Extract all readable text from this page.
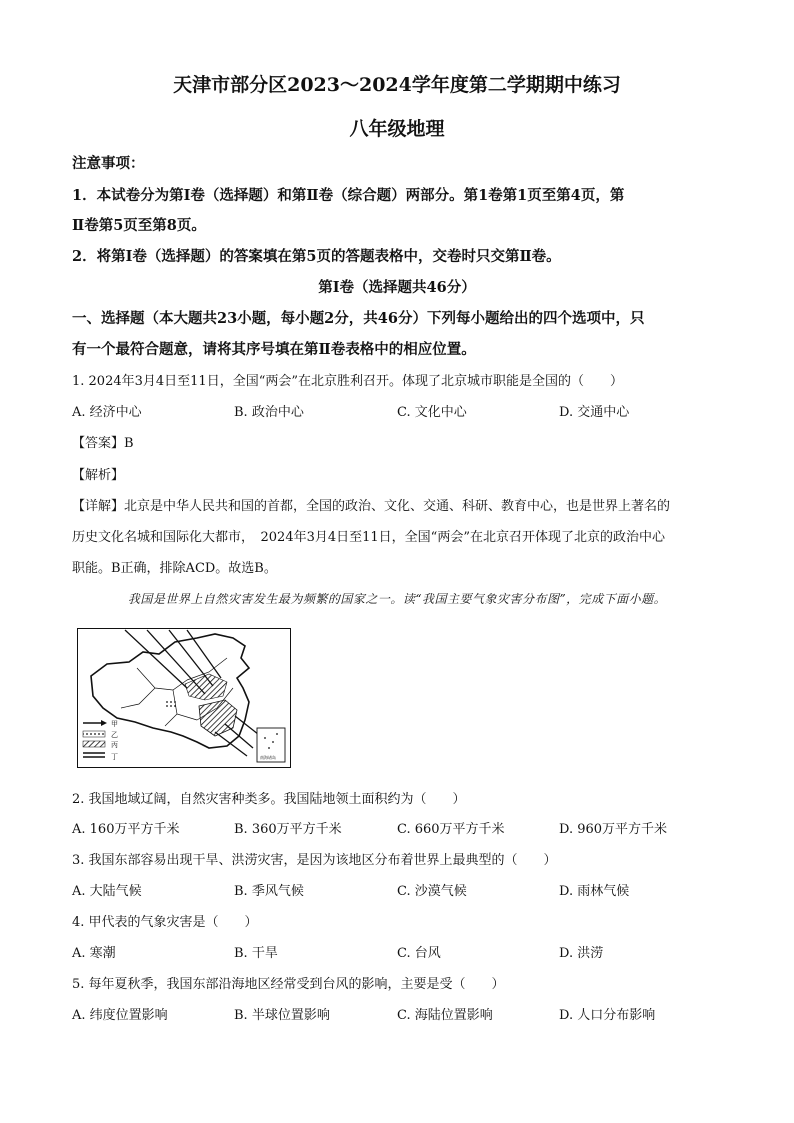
天津市部分区2023～2024学年度第二学期期中练习
八年级地理
注意事项：
1．本试卷分为第Ⅰ卷（选择题）和第Ⅱ卷（综合题）两部分。第1卷第1页至第4页，第
Ⅱ卷第5页至第8页。
2．将第Ⅰ卷（选择题）的答案填在第5页的答题表格中，交卷时只交第Ⅱ卷。
第Ⅰ卷（选择题共46分）
一、选择题（本大题共23小题，每小题2分，共46分）下列每小题给出的四个选项中，只
有一个最符合题意，请将其序号填在第Ⅱ卷表格中的相应位置。
1. 2024年3月4日至11日，全国“两会”在北京胜利召开。体现了北京城市职能是全国的（　　）
A. 经济中心	B. 政治中心	C. 文化中心	D. 交通中心
【答案】B
【解析】
【详解】北京是中华人民共和国的首都，全国的政治、文化、交通、科研、教育中心，也是世界上著名的
历史文化名城和国际化大都市，　2024年3月4日至11日，全国“两会”在北京召开体现了北京的政治中心
职能。B正确，排除ACD。故选B。
我国是世界上自然灾害发生最为频繁的国家之一。读“我国主要气象灾害分布图”，完成下面小题。
南海诸岛
甲
乙
丙
丁
2. 我国地域辽阔，自然灾害种类多。我国陆地领土面积约为（　　）
A. 160万平方千米	B. 360万平方千米	C. 660万平方千米	D. 960万平方千米
3. 我国东部容易出现干旱、洪涝灾害，是因为该地区分布着世界上最典型的（　　）
A. 大陆气候	B. 季风气候	C. 沙漠气候	D. 雨林气候
4. 甲代表的气象灾害是（　　）
A. 寒潮	B. 干旱	C. 台风	D. 洪涝
5. 每年夏秋季，我国东部沿海地区经常受到台风的影响，主要是受（　　）
A. 纬度位置影响	B. 半球位置影响	C. 海陆位置影响	D. 人口分布影响
